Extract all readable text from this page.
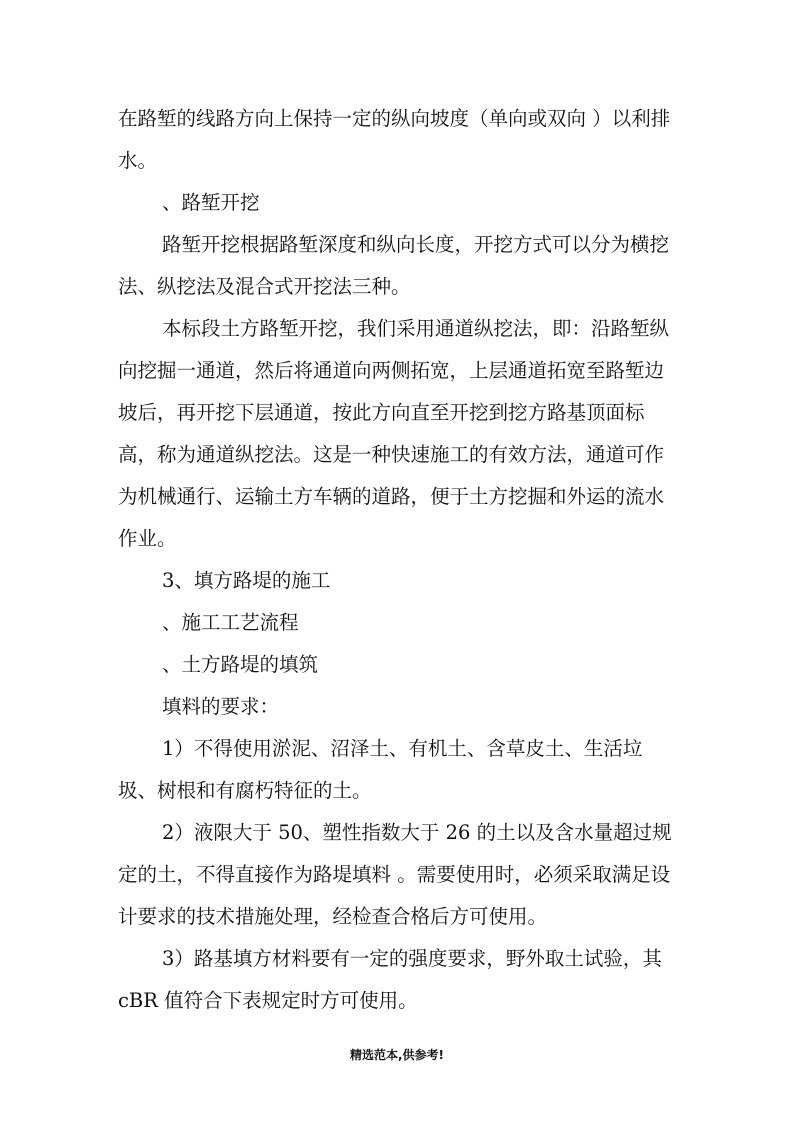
在路堑的线路方向上保持一定的纵向坡度（单向或双向 ）以利排水。

、路堑开挖

路堑开挖根据路堑深度和纵向长度，开挖方式可以分为横挖法、纵挖法及混合式开挖法三种。

本标段土方路堑开挖，我们采用通道纵挖法，即：沿路堑纵向挖掘一通道，然后将通道向两侧拓宽，上层通道拓宽至路堑边坡后，再开挖下层通道，按此方向直至开挖到挖方路基顶面标高，称为通道纵挖法。这是一种快速施工的有效方法，通道可作为机械通行、运输土方车辆的道路，便于土方挖掘和外运的流水作业。

3、填方路堤的施工

、施工工艺流程

、土方路堤的填筑

填料的要求：

1）不得使用淤泥、沼泽土、有机土、含草皮土、生活垃圾、树根和有腐朽特征的土。

2）液限大于 50、塑性指数大于 26 的土以及含水量超过规定的土，不得直接作为路堤填料 。需要使用时，必须采取满足设计要求的技术措施处理，经检查合格后方可使用。

3）路基填方材料要有一定的强度要求，野外取土试验，其 cBR 值符合下表规定时方可使用。

精选范本,供参考!
